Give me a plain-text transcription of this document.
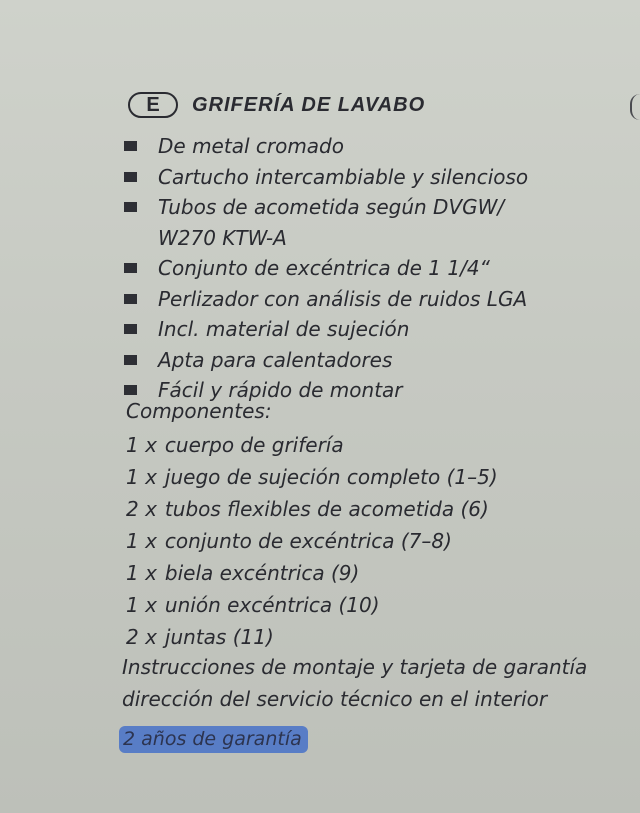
E	GRIFERÍA DE LAVABO
De metal cromado
Cartucho intercambiable y silencioso
Tubos de acometida según DVGW/
W270 KTW-A
Conjunto de excéntrica de 1 1/4“
Perlizador con análisis de ruidos LGA
Incl. material de sujeción
Apta para calentadores
Fácil y rápido de montar
Componentes:
1 x cuerpo de grifería
1 x juego de sujeción completo (1–5)
2 x tubos flexibles de acometida (6)
1 x conjunto de excéntrica (7–8)
1 x biela excéntrica (9)
1 x unión excéntrica (10)
2 x juntas (11)
Instrucciones de montaje y tarjeta de garantía
dirección del servicio técnico en el interior
2 años de garantía
